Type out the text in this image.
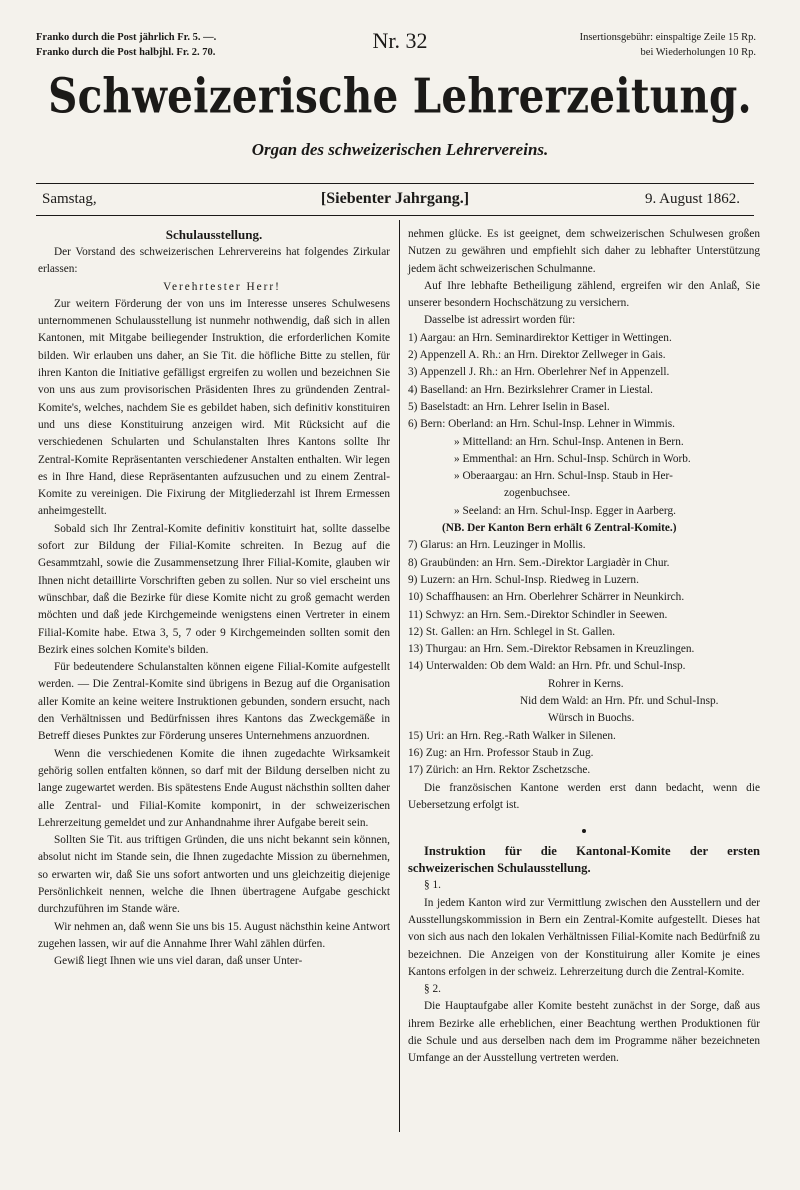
Franko durch die Post jährlich Fr. 5. —.
Franko durch die Post halbjhl. Fr. 2. 70.	Nr. 32	Insertionsgebühr: einspaltige Zeile 15 Rp.
bei Wiederholungen 10 Rp.
Schweizerische Lehrerzeitung.
Organ des schweizerischen Lehrervereins.
Samstag,	[Siebenter Jahrgang.]	9. August 1862.
Schulausstellung.

Der Vorstand des schweizerischen Lehrervereins hat folgendes Zirkular erlassen:

Verehrtester Herr!

Zur weitern Förderung der von uns im Interesse unseres Schulwesens unternommenen Schulausstellung ist nunmehr nothwendig, daß sich in allen Kantonen, mit Mitgabe beiliegender Instruktion, die erforderlichen Komite bilden. Wir erlauben uns daher, an Sie Tit. die höfliche Bitte zu stellen, für ihren Kanton die Initiative gefälligst ergreifen zu wollen und bezeichnen Sie von uns aus zum provisorischen Präsidenten Ihres zu gründenden Zentral-Komite's, welches, nachdem Sie es gebildet haben, sich definitiv konstituiren und uns diese Konstituirung anzeigen wird. Mit Rücksicht auf die verschiedenen Schularten und Schulanstalten Ihres Kantons sollte Ihr Zentral-Komite Repräsentanten verschiedener Anstalten enthalten. Wir legen es in Ihre Hand, diese Repräsentanten aufzusuchen und zu einem Zentral-Komite zu vereinigen. Die Fixirung der Mitgliederzahl ist Ihrem Ermessen anheimgestellt.

Sobald sich Ihr Zentral-Komite definitiv konstituirt hat, sollte dasselbe sofort zur Bildung der Filial-Komite schreiten. In Bezug auf die Gesammtzahl, sowie die Zusammensetzung Ihrer Filial-Komite, glauben wir Ihnen nicht detaillirte Vorschriften geben zu sollen. Nur so viel erscheint uns wünschbar, daß die Bezirke für diese Komite nicht zu groß gemacht werden möchten und daß jede Kirchgemeinde wenigstens einen Vertreter in einem Filial-Komite habe. Etwa 3, 5, 7 oder 9 Kirchgemeinden sollten somit den Bezirk eines solchen Komite's bilden.

Für bedeutendere Schulanstalten können eigene Filial-Komite aufgestellt werden. — Die Zentral-Komite sind übrigens in Bezug auf die Organisation aller Komite an keine weitere Instruktionen gebunden, sondern ersucht, nach den Verhältnissen und Bedürfnissen ihres Kantons das Zweckgemäße in Betreff dieses Punktes zur Förderung unseres Unternehmens anzuordnen.

Wenn die verschiedenen Komite die ihnen zugedachte Wirksamkeit gehörig sollen entfalten können, so darf mit der Bildung derselben nicht zu lange zugewartet werden. Bis spätestens Ende August nächsthin sollten daher alle Zentral- und Filial-Komite komponirt, in der schweizerischen Lehrerzeitung gemeldet und zur Anhandnahme ihrer Aufgabe bereit sein.

Sollten Sie Tit. aus triftigen Gründen, die uns nicht bekannt sein können, absolut nicht im Stande sein, die Ihnen zugedachte Mission zu übernehmen, so erwarten wir, daß Sie uns sofort antworten und uns gleichzeitig diejenige Persönlichkeit nennen, welche die Ihnen übertragene Aufgabe geschickt durchzuführen im Stande wäre.

Wir nehmen an, daß wenn Sie uns bis 15. August nächsthin keine Antwort zugehen lassen, wir auf die Annahme Ihrer Wahl zählen dürfen.

Gewiß liegt Ihnen wie uns viel daran, daß unser Unter-

nehmen glücke. Es ist geeignet, dem schweizerischen Schulwesen großen Nutzen zu gewähren und empfiehlt sich daher zu lebhafter Unterstützung jedem ächt schweizerischen Schulmanne.

Auf Ihre lebhafte Betheiligung zählend, ergreifen wir den Anlaß, Sie unserer besondern Hochschätzung zu versichern.

Dasselbe ist adressirt worden für:

1) Aargau: an Hrn. Seminardirektor Kettiger in Wettingen.
2) Appenzell A. Rh.: an Hrn. Direktor Zellweger in Gais.
3) Appenzell J. Rh.: an Hrn. Oberlehrer Nef in Appenzell.
4) Baselland: an Hrn. Bezirkslehrer Cramer in Liestal.
5) Baselstadt: an Hrn. Lehrer Iselin in Basel.
6) Bern: Oberland: an Hrn. Schul-Insp. Lehner in Wimmis.
» Mittelland: an Hrn. Schul-Insp. Antenen in Bern.
» Emmenthal: an Hrn. Schul-Insp. Schürch in Worb.
» Oberaargau: an Hrn. Schul-Insp. Staub in Her-
zogenbuchsee.
» Seeland: an Hrn. Schul-Insp. Egger in Aarberg.
(NB. Der Kanton Bern erhält 6 Zentral-Komite.)
7) Glarus: an Hrn. Leuzinger in Mollis.
8) Graubünden: an Hrn. Sem.-Direktor Largiadèr in Chur.
9) Luzern: an Hrn. Schul-Insp. Riedweg in Luzern.
10) Schaffhausen: an Hrn. Oberlehrer Schärrer in Neunkirch.
11) Schwyz: an Hrn. Sem.-Direktor Schindler in Seewen.
12) St. Gallen: an Hrn. Schlegel in St. Gallen.
13) Thurgau: an Hrn. Sem.-Direktor Rebsamen in Kreuzlingen.
14) Unterwalden: Ob dem Wald: an Hrn. Pfr. und Schul-Insp.
Rohrer in Kerns.
Nid dem Wald: an Hrn. Pfr. und Schul-Insp.
Würsch in Buochs.
15) Uri: an Hrn. Reg.-Rath Walker in Silenen.
16) Zug: an Hrn. Professor Staub in Zug.
17) Zürich: an Hrn. Rektor Zschetzsche.

Die französischen Kantone werden erst dann bedacht, wenn die Uebersetzung erfolgt ist.

Instruktion für die Kantonal-Komite der ersten schweizerischen Schulausstellung.

§ 1.

In jedem Kanton wird zur Vermittlung zwischen den Ausstellern und der Ausstellungskommission in Bern ein Zentral-Komite aufgestellt. Dieses hat von sich aus nach den lokalen Verhältnissen Filial-Komite nach Bedürfniß zu bezeichnen. Die Anzeigen von der Konstituirung aller Komite je eines Kantons erfolgen in der schweiz. Lehrerzeitung durch die Zentral-Komite.

§ 2.

Die Hauptaufgabe aller Komite besteht zunächst in der Sorge, daß aus ihrem Bezirke alle erheblichen, einer Beachtung werthen Produktionen für die Schule und aus derselben nach dem im Programme näher bezeichneten Umfange an der Ausstellung vertreten werden.
